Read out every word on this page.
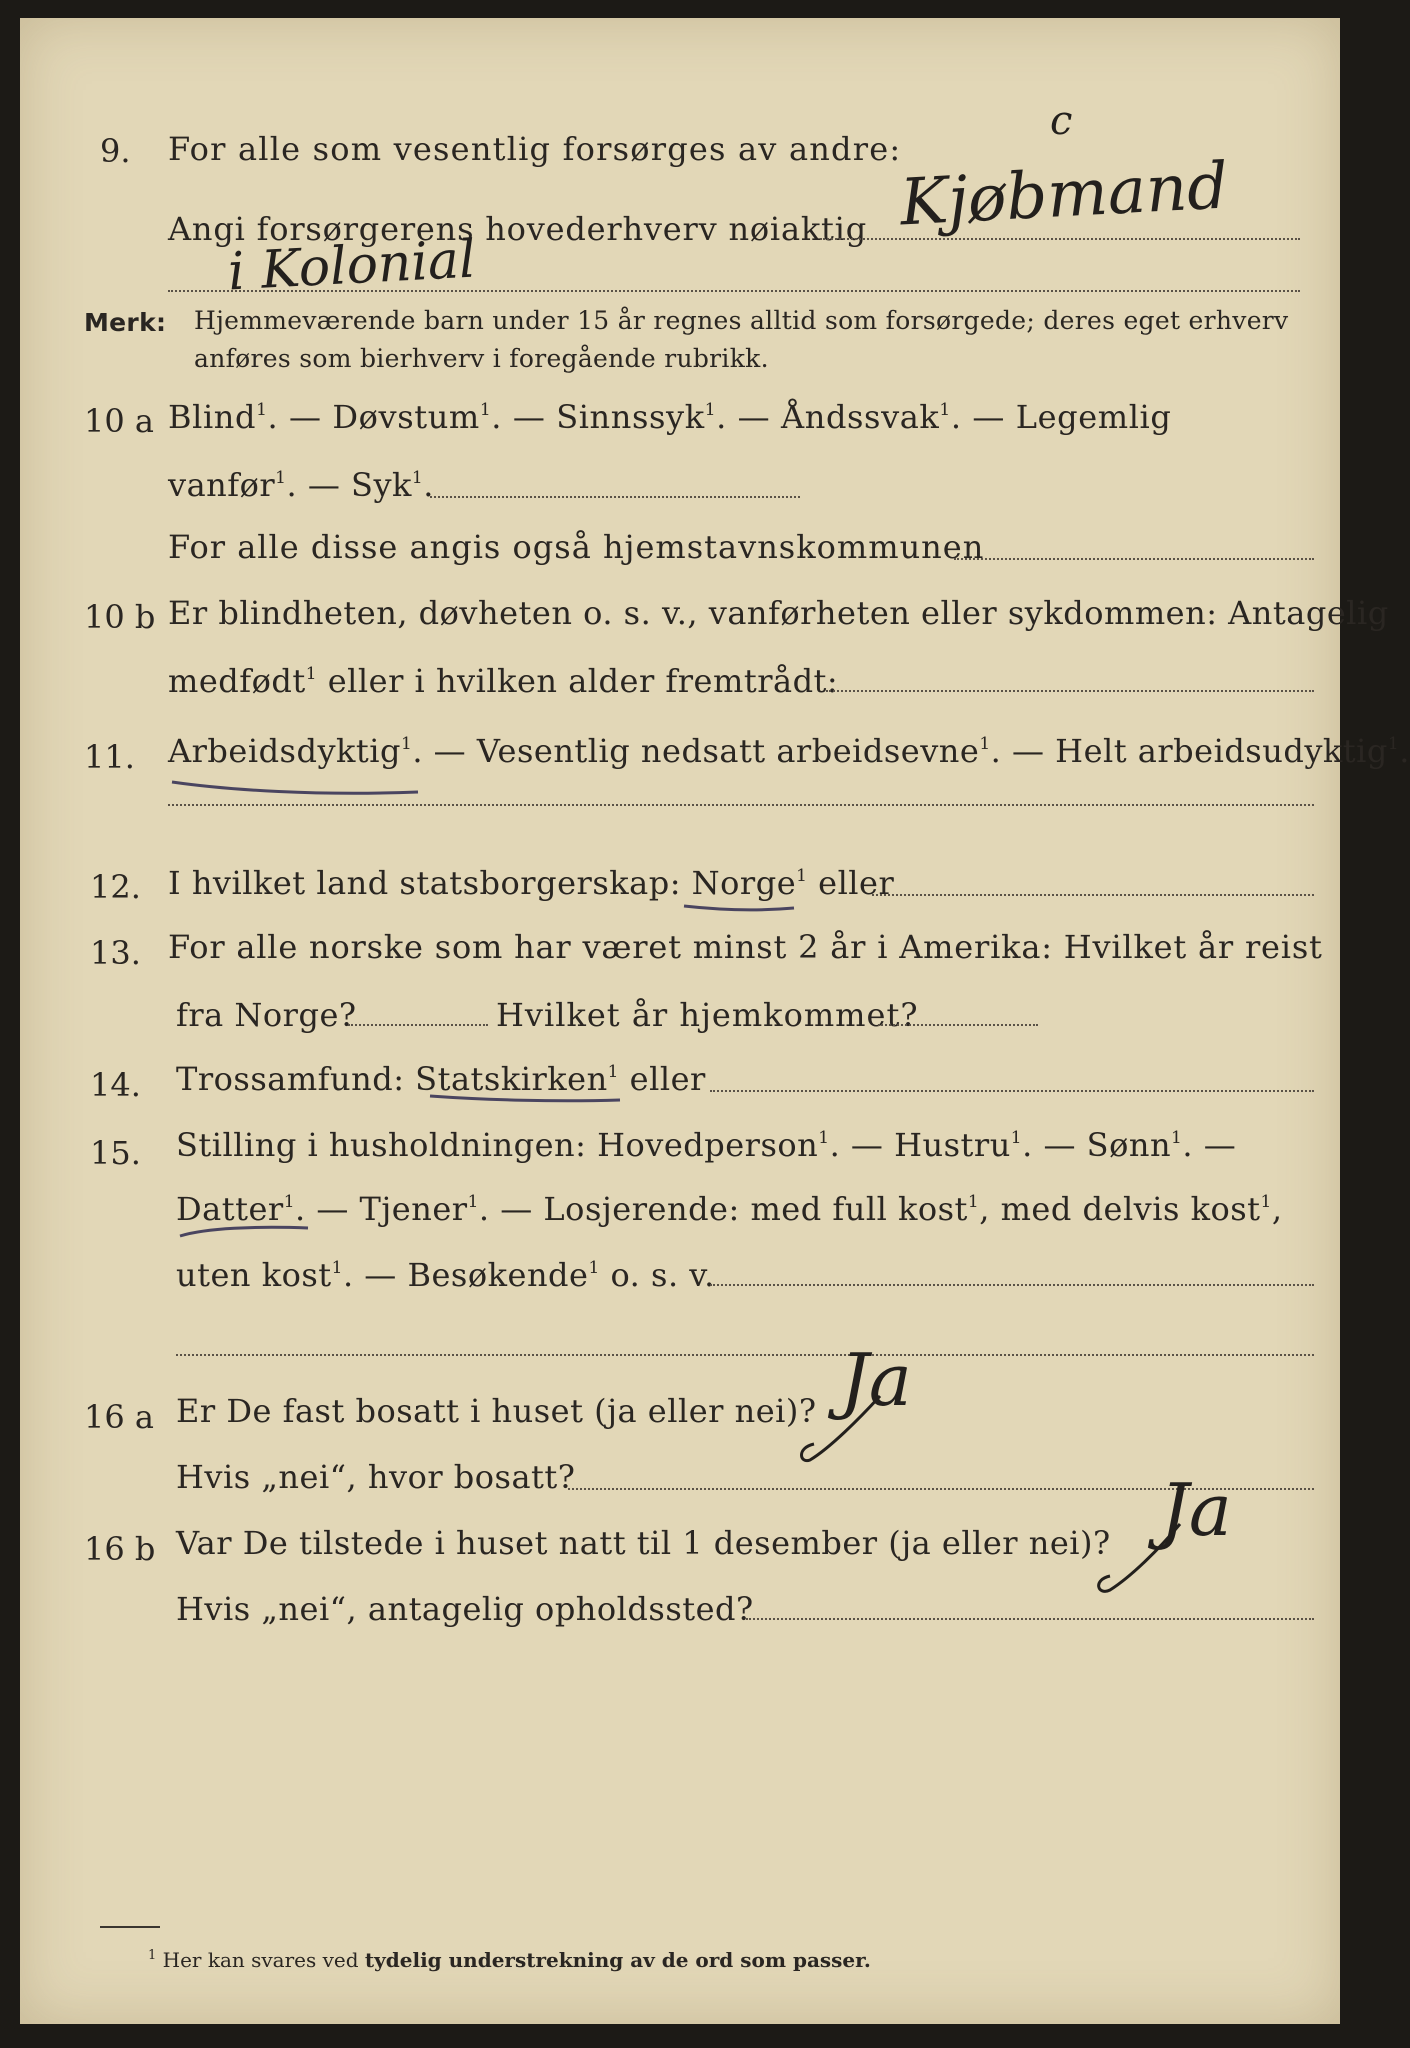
9. For alle som vesentlig forsørges av andre:
Angi forsørgerens hovederhverv nøiaktig Kjøbmand
c
i Kolonial
Merk: Hjemmeværende barn under 15 år regnes alltid som forsørgede; deres eget erhverv
anføres som bierhverv i foregående rubrikk.
10 a Blind$^1$. — Døvstum$^1$. — Sinnssyk$^1$. — Åndssvak$^1$. — Legemlig
vanfør$^1$. — Syk$^1$.
For alle disse angis også hjemstavnskommunen
10 b Er blindheten, døvheten o. s. v., vanførheten eller sykdommen: Antagelig
medfødt$^1$ eller i hvilken alder fremtrådt:
11. Arbeidsdyktig$^1$. — Vesentlig nedsatt arbeidsevne$^1$. — Helt arbeidsudyktig$^1$.
12. I hvilket land statsborgerskap: Norge$^1$ eller
13. For alle norske som har været minst 2 år i Amerika: Hvilket år reist
fra Norge?	Hvilket år hjemkommet?
14. Trossamfund: Statskirken$^1$ eller
15. Stilling i husholdningen: Hovedperson$^1$. — Hustru$^1$. — Sønn$^1$. —
Datter$^1$. — Tjener$^1$. — Losjerende: med full kost$^1$, med delvis kost$^1$,
uten kost$^1$. — Besøkende$^1$ o. s. v.
16 a Er De fast bosatt i huset (ja eller nei)? Ja
Hvis „nei“, hvor bosatt?
16 b Var De tilstede i huset natt til 1 desember (ja eller nei)? Ja
Hvis „nei“, antagelig opholdssted?
$^1$ Her kan svares ved tydelig understrekning av de ord som passer.
